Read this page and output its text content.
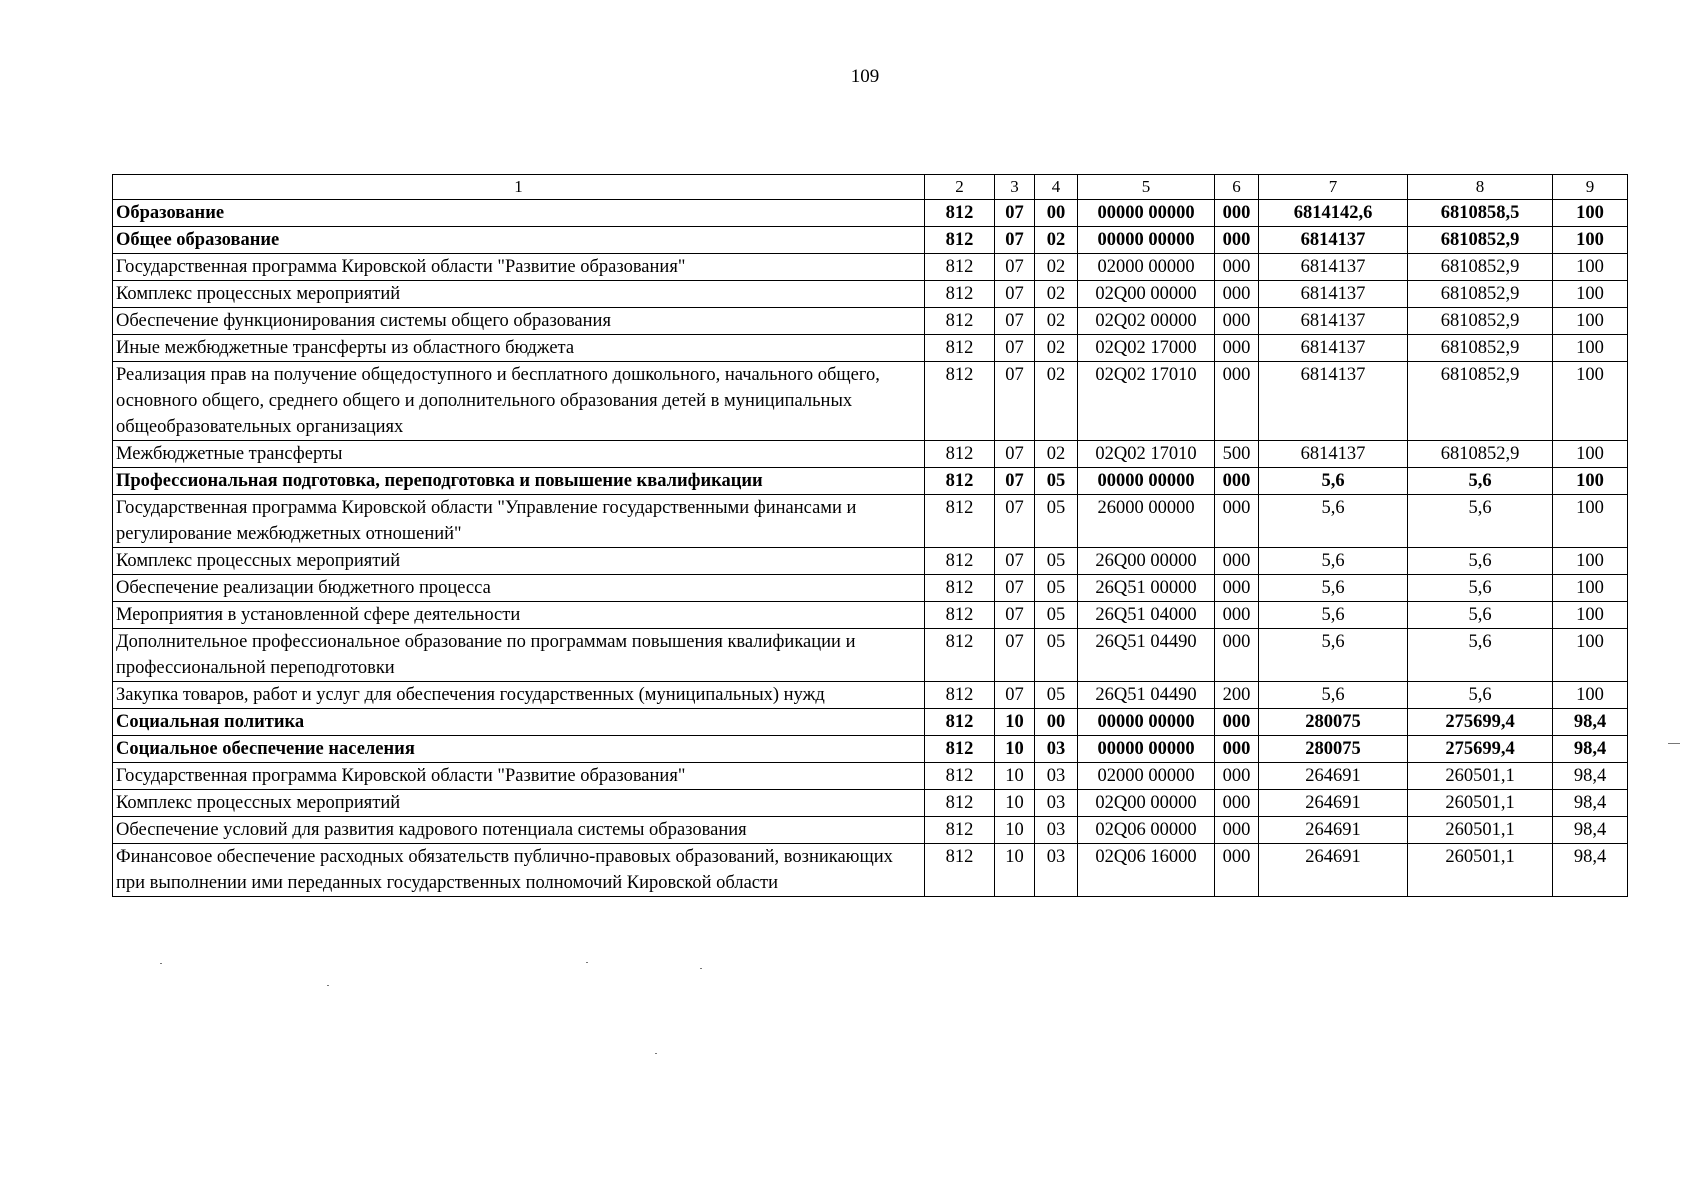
109
1	2	3	4	5	6	7	8	9
Образование	812	07	00	00000 00000	000	6814142,6	6810858,5	100
Общее образование	812	07	02	00000 00000	000	6814137	6810852,9	100
Государственная программа Кировской области "Развитие образования"	812	07	02	02000 00000	000	6814137	6810852,9	100
Комплекс процессных мероприятий	812	07	02	02Q00 00000	000	6814137	6810852,9	100
Обеспечение функционирования системы общего образования	812	07	02	02Q02 00000	000	6814137	6810852,9	100
Иные межбюджетные трансферты из областного бюджета	812	07	02	02Q02 17000	000	6814137	6810852,9	100
Реализация прав на получение общедоступного и бесплатного дошкольного, начального общего, основного общего, среднего общего и дополнительного образования детей в муниципальных общеобразовательных организациях	812	07	02	02Q02 17010	000	6814137	6810852,9	100
Межбюджетные трансферты	812	07	02	02Q02 17010	500	6814137	6810852,9	100
Профессиональная подготовка, переподготовка и повышение квалификации	812	07	05	00000 00000	000	5,6	5,6	100
Государственная программа Кировской области "Управление государственными финансами и регулирование межбюджетных отношений"	812	07	05	26000 00000	000	5,6	5,6	100
Комплекс процессных мероприятий	812	07	05	26Q00 00000	000	5,6	5,6	100
Обеспечение реализации бюджетного процесса	812	07	05	26Q51 00000	000	5,6	5,6	100
Мероприятия в установленной сфере деятельности	812	07	05	26Q51 04000	000	5,6	5,6	100
Дополнительное профессиональное образование по программам повышения квалификации и профессиональной переподготовки	812	07	05	26Q51 04490	000	5,6	5,6	100
Закупка товаров, работ и услуг для обеспечения государственных (муниципальных) нужд	812	07	05	26Q51 04490	200	5,6	5,6	100
Социальная политика	812	10	00	00000 00000	000	280075	275699,4	98,4
Социальное обеспечение населения	812	10	03	00000 00000	000	280075	275699,4	98,4
Государственная программа Кировской области "Развитие образования"	812	10	03	02000 00000	000	264691	260501,1	98,4
Комплекс процессных мероприятий	812	10	03	02Q00 00000	000	264691	260501,1	98,4
Обеспечение условий для развития кадрового потенциала системы образования	812	10	03	02Q06 00000	000	264691	260501,1	98,4
Финансовое обеспечение расходных обязательств публично-правовых образований, возникающих при выполнении ими переданных государственных полномочий Кировской области	812	10	03	02Q06 16000	000	264691	260501,1	98,4
